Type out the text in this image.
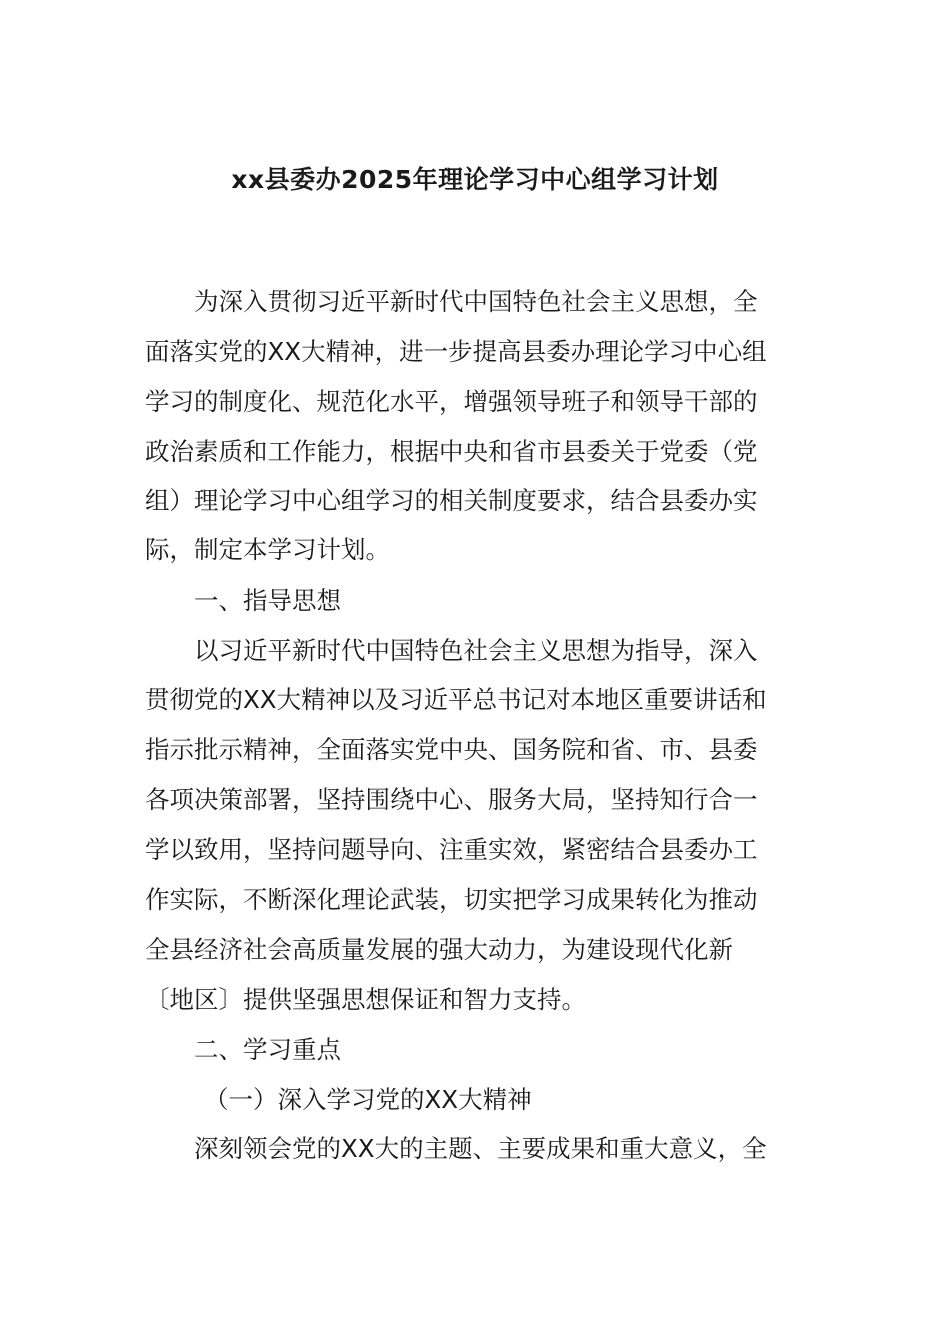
xx县委办2025年理论学习中心组学习计划
为深入贯彻习近平新时代中国特色社会主义思想，全
面落实党的XX大精神，进一步提高县委办理论学习中心组
学习的制度化、规范化水平，增强领导班子和领导干部的
政治素质和工作能力，根据中央和省市县委关于党委（党
组）理论学习中心组学习的相关制度要求，结合县委办实
际，制定本学习计划。
一、指导思想
以习近平新时代中国特色社会主义思想为指导，深入
贯彻党的XX大精神以及习近平总书记对本地区重要讲话和
指示批示精神，全面落实党中央、国务院和省、市、县委
各项决策部署，坚持围绕中心、服务大局，坚持知行合一
学以致用，坚持问题导向、注重实效，紧密结合县委办工
作实际，不断深化理论武装，切实把学习成果转化为推动
全县经济社会高质量发展的强大动力，为建设现代化新
〔地区〕提供坚强思想保证和智力支持。
二、学习重点
（一）深入学习党的XX大精神
深刻领会党的XX大的主题、主要成果和重大意义，全
